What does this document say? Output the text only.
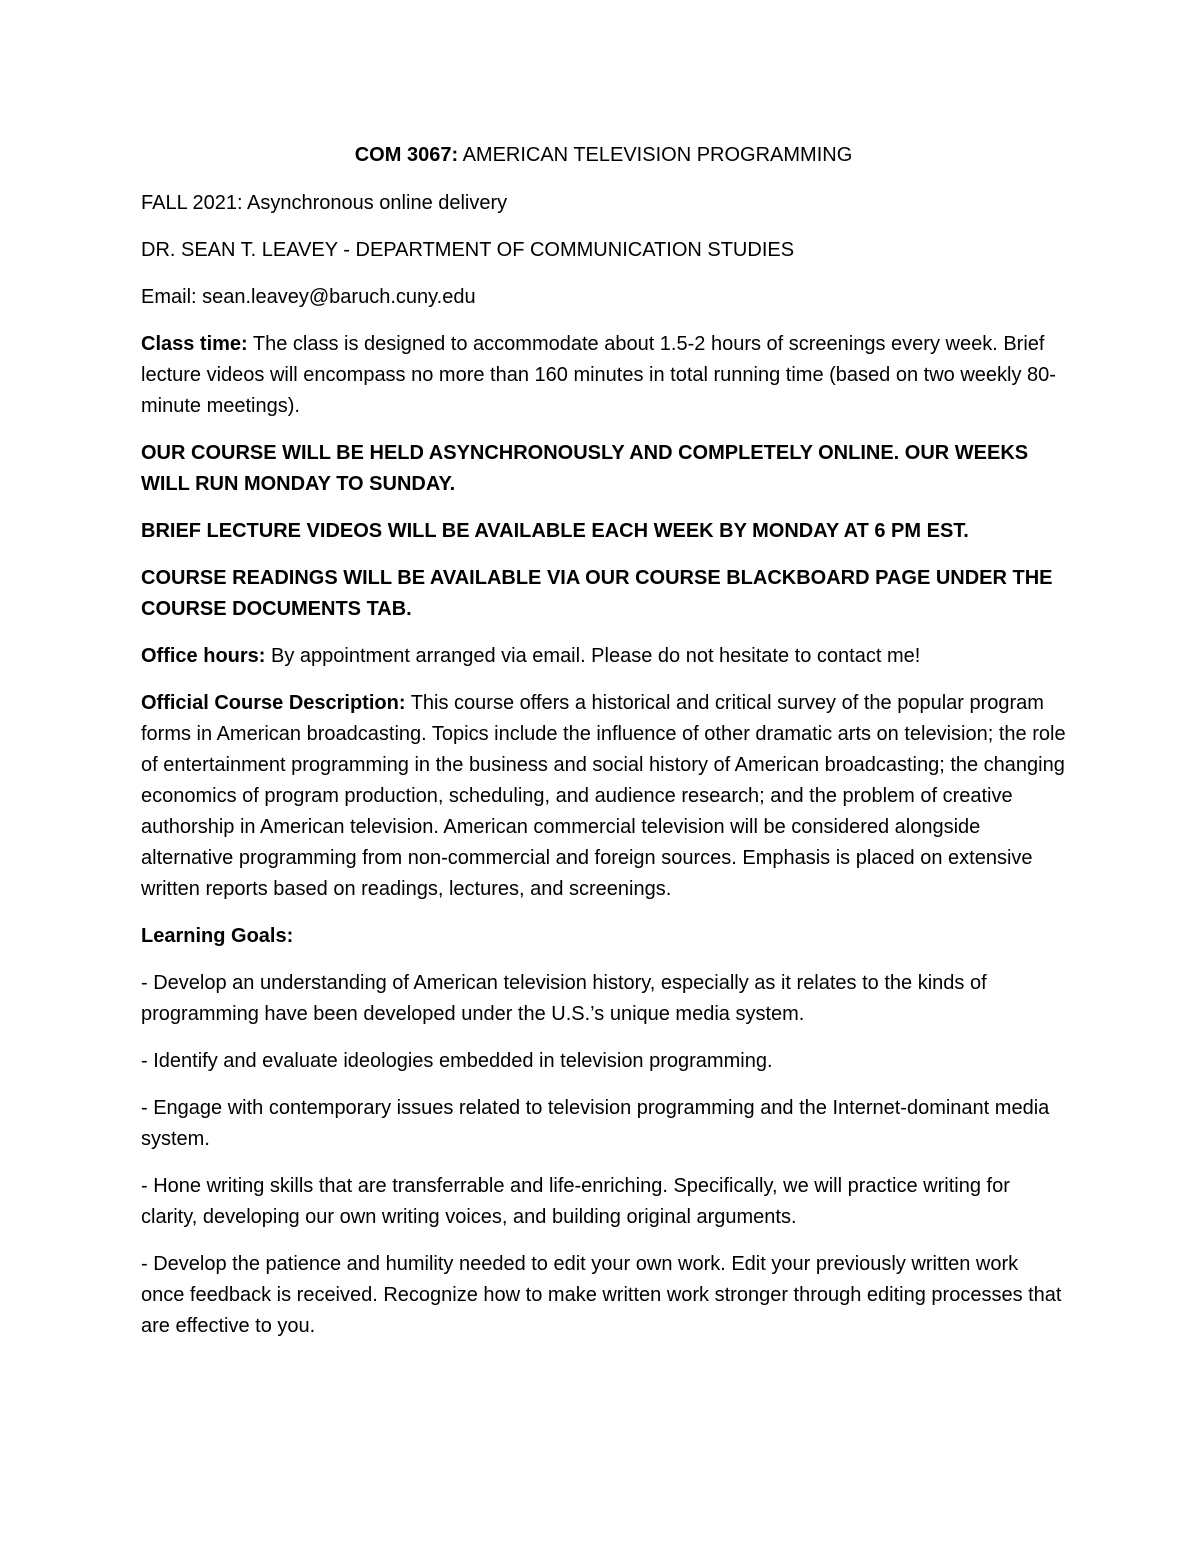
COM 3067: AMERICAN TELEVISION PROGRAMMING

FALL 2021: Asynchronous online delivery

DR. SEAN T. LEAVEY - DEPARTMENT OF COMMUNICATION STUDIES

Email: sean.leavey@baruch.cuny.edu

Class time: The class is designed to accommodate about 1.5-2 hours of screenings every week. Brief lecture videos will encompass no more than 160 minutes in total running time (based on two weekly 80-minute meetings).

OUR COURSE WILL BE HELD ASYNCHRONOUSLY AND COMPLETELY ONLINE. OUR WEEKS WILL RUN MONDAY TO SUNDAY.

BRIEF LECTURE VIDEOS WILL BE AVAILABLE EACH WEEK BY MONDAY AT 6 PM EST.

COURSE READINGS WILL BE AVAILABLE VIA OUR COURSE BLACKBOARD PAGE UNDER THE COURSE DOCUMENTS TAB.

Office hours: By appointment arranged via email. Please do not hesitate to contact me!

Official Course Description: This course offers a historical and critical survey of the popular program forms in American broadcasting. Topics include the influence of other dramatic arts on television; the role of entertainment programming in the business and social history of American broadcasting; the changing economics of program production, scheduling, and audience research; and the problem of creative authorship in American television. American commercial television will be considered alongside alternative programming from non-commercial and foreign sources. Emphasis is placed on extensive written reports based on readings, lectures, and screenings.

Learning Goals:

- Develop an understanding of American television history, especially as it relates to the kinds of programming have been developed under the U.S.’s unique media system.

- Identify and evaluate ideologies embedded in television programming.

- Engage with contemporary issues related to television programming and the Internet-dominant media system.

- Hone writing skills that are transferrable and life-enriching. Specifically, we will practice writing for clarity, developing our own writing voices, and building original arguments.

- Develop the patience and humility needed to edit your own work. Edit your previously written work once feedback is received. Recognize how to make written work stronger through editing processes that are effective to you.
